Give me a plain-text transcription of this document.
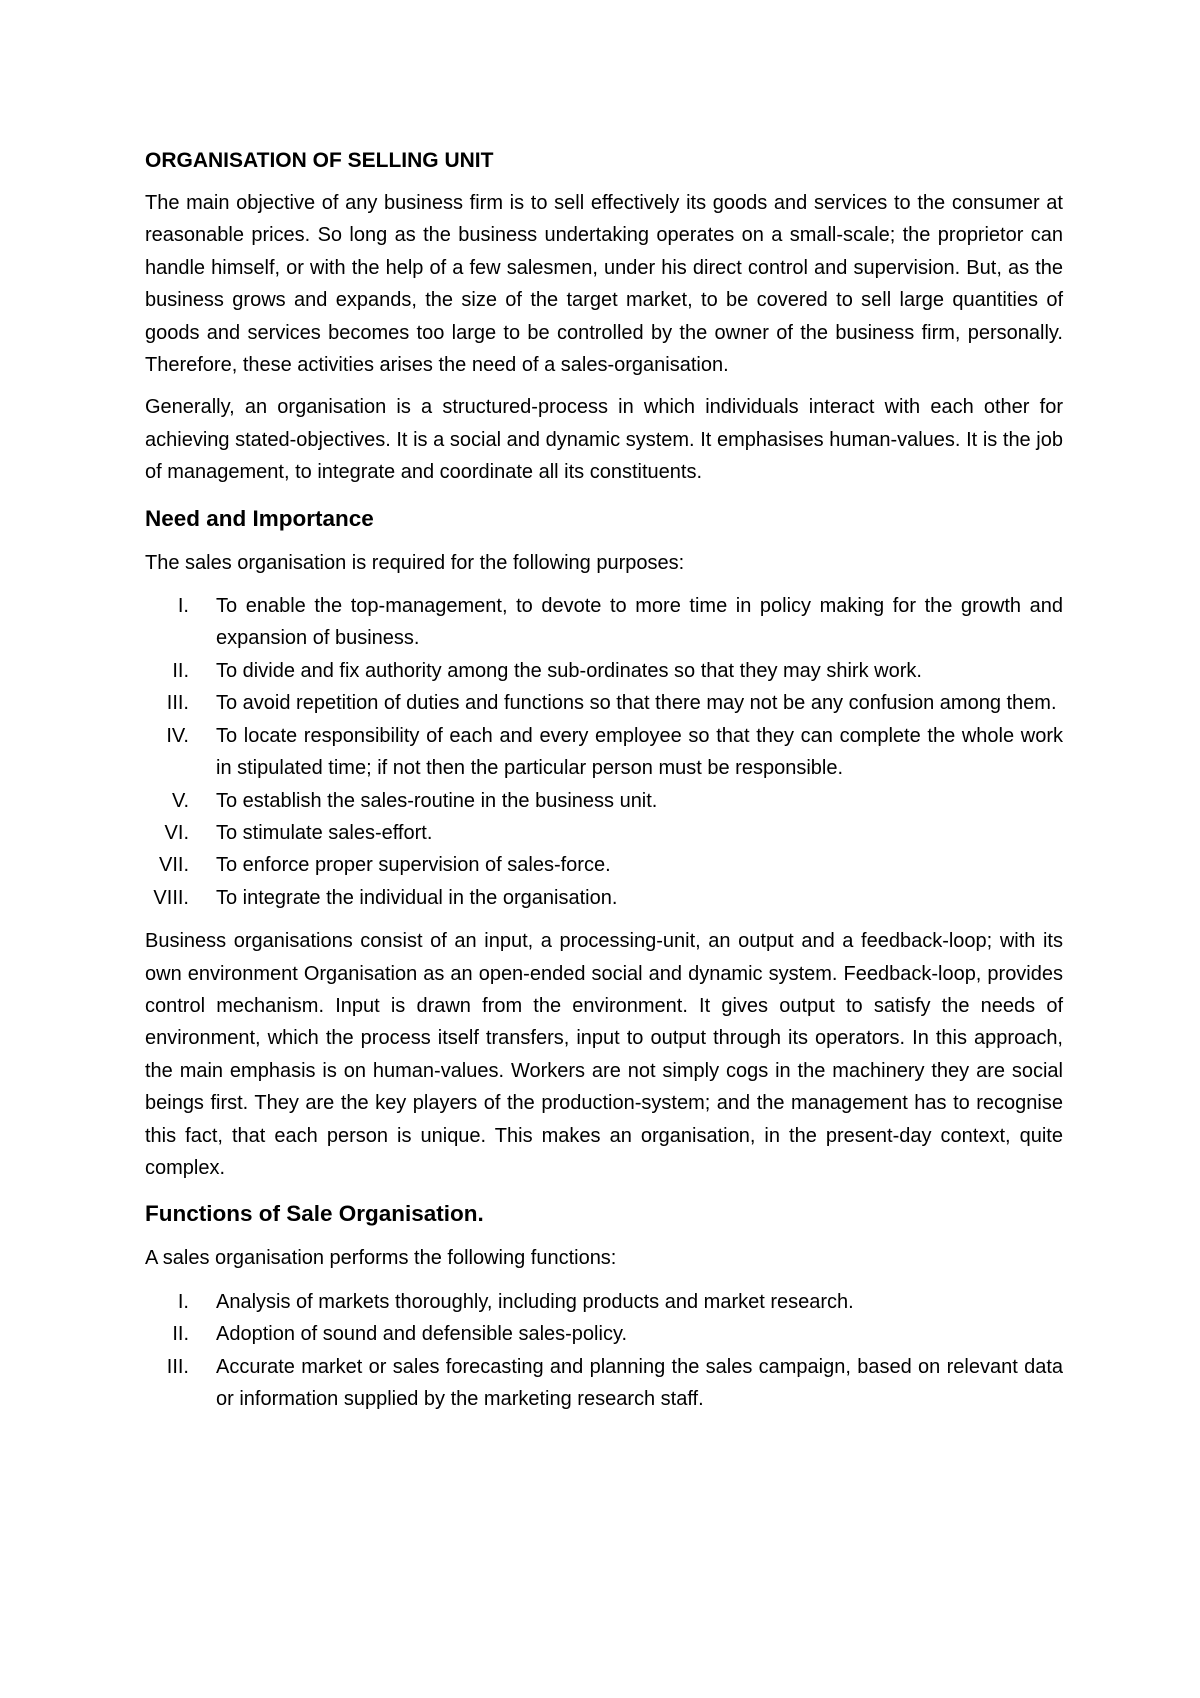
ORGANISATION OF SELLING UNIT

The main objective of any business firm is to sell effectively its goods and services to the consumer at reasonable prices. So long as the business undertaking operates on a small-scale; the proprietor can handle himself, or with the help of a few salesmen, under his direct control and supervision. But, as the business grows and expands, the size of the target market, to be covered to sell large quantities of goods and services becomes too large to be controlled by the owner of the business firm, personally. Therefore, these activities arises the need of a sales-organisation.

Generally, an organisation is a structured-process in which individuals interact with each other for achieving stated-objectives. It is a social and dynamic system. It emphasises human-values. It is the job of management, to integrate and coordinate all its constituents.

Need and Importance

The sales organisation is required for the following purposes:

I.	To enable the top-management, to devote to more time in policy making for the growth and expansion of business.
II.	To divide and fix authority among the sub-ordinates so that they may shirk work.
III.	To avoid repetition of duties and functions so that there may not be any confusion among them.
IV.	To locate responsibility of each and every employee so that they can complete the whole work in stipulated time; if not then the particular person must be responsible.
V.	To establish the sales-routine in the business unit.
VI.	To stimulate sales-effort.
VII.	To enforce proper supervision of sales-force.
VIII.	To integrate the individual in the organisation.

Business organisations consist of an input, a processing-unit, an output and a feedback-loop; with its own environment Organisation as an open-ended social and dynamic system. Feedback-loop, provides control mechanism. Input is drawn from the environment. It gives output to satisfy the needs of environment, which the process itself transfers, input to output through its operators. In this approach, the main emphasis is on human-values. Workers are not simply cogs in the machinery they are social beings first. They are the key players of the production-system; and the management has to recognise this fact, that each person is unique. This makes an organisation, in the present-day context, quite complex.

Functions of Sale Organisation.

A sales organisation performs the following functions:

I.	Analysis of markets thoroughly, including products and market research.
II.	Adoption of sound and defensible sales-policy.
III.	Accurate market or sales forecasting and planning the sales campaign, based on relevant data or information supplied by the marketing research staff.
